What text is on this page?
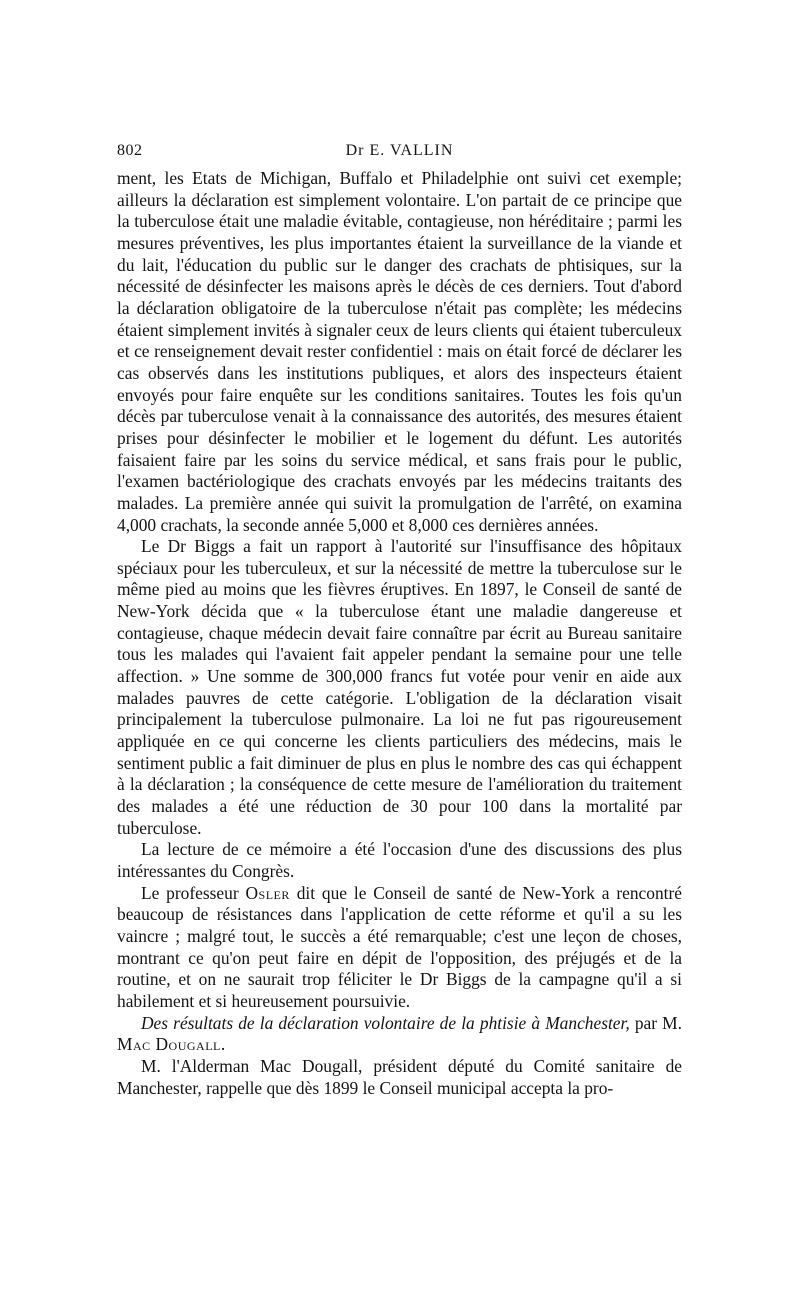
802	Dr E. VALLIN

ment, les Etats de Michigan, Buffalo et Philadelphie ont suivi cet exemple; ailleurs la déclaration est simplement volontaire. L'on partait de ce principe que la tuberculose était une maladie évitable, contagieuse, non héréditaire ; parmi les mesures préventives, les plus importantes étaient la surveillance de la viande et du lait, l'éducation du public sur le danger des crachats de phtisiques, sur la nécessité de désinfecter les maisons après le décès de ces derniers. Tout d'abord la déclaration obligatoire de la tuberculose n'était pas complète; les médecins étaient simplement invités à signaler ceux de leurs clients qui étaient tuberculeux et ce renseignement devait rester confidentiel : mais on était forcé de déclarer les cas observés dans les institutions publiques, et alors des inspecteurs étaient envoyés pour faire enquête sur les conditions sanitaires. Toutes les fois qu'un décès par tuberculose venait à la connaissance des autorités, des mesures étaient prises pour désinfecter le mobilier et le logement du défunt. Les autorités faisaient faire par les soins du service médical, et sans frais pour le public, l'examen bactériologique des crachats envoyés par les médecins traitants des malades. La première année qui suivit la promulgation de l'arrêté, on examina 4,000 crachats, la seconde année 5,000 et 8,000 ces dernières années.

Le Dr Biggs a fait un rapport à l'autorité sur l'insuffisance des hôpitaux spéciaux pour les tuberculeux, et sur la nécessité de mettre la tuberculose sur le même pied au moins que les fièvres éruptives. En 1897, le Conseil de santé de New-York décida que « la tuberculose étant une maladie dangereuse et contagieuse, chaque médecin devait faire connaître par écrit au Bureau sanitaire tous les malades qui l'avaient fait appeler pendant la semaine pour une telle affection. » Une somme de 300,000 francs fut votée pour venir en aide aux malades pauvres de cette catégorie. L'obligation de la déclaration visait principalement la tuberculose pulmonaire. La loi ne fut pas rigoureusement appliquée en ce qui concerne les clients particuliers des médecins, mais le sentiment public a fait diminuer de plus en plus le nombre des cas qui échappent à la déclaration ; la conséquence de cette mesure de l'amélioration du traitement des malades a été une réduction de 30 pour 100 dans la mortalité par tuberculose.

La lecture de ce mémoire a été l'occasion d'une des discussions des plus intéressantes du Congrès.

Le professeur Osler dit que le Conseil de santé de New-York a rencontré beaucoup de résistances dans l'application de cette réforme et qu'il a su les vaincre ; malgré tout, le succès a été remarquable; c'est une leçon de choses, montrant ce qu'on peut faire en dépit de l'opposition, des préjugés et de la routine, et on ne saurait trop féliciter le Dr Biggs de la campagne qu'il a si habilement et si heureusement poursuivie.

Des résultats de la déclaration volontaire de la phtisie à Manchester, par M. Mac Dougall.

M. l'Alderman Mac Dougall, président député du Comité sanitaire de Manchester, rappelle que dès 1899 le Conseil municipal accepta la pro-
